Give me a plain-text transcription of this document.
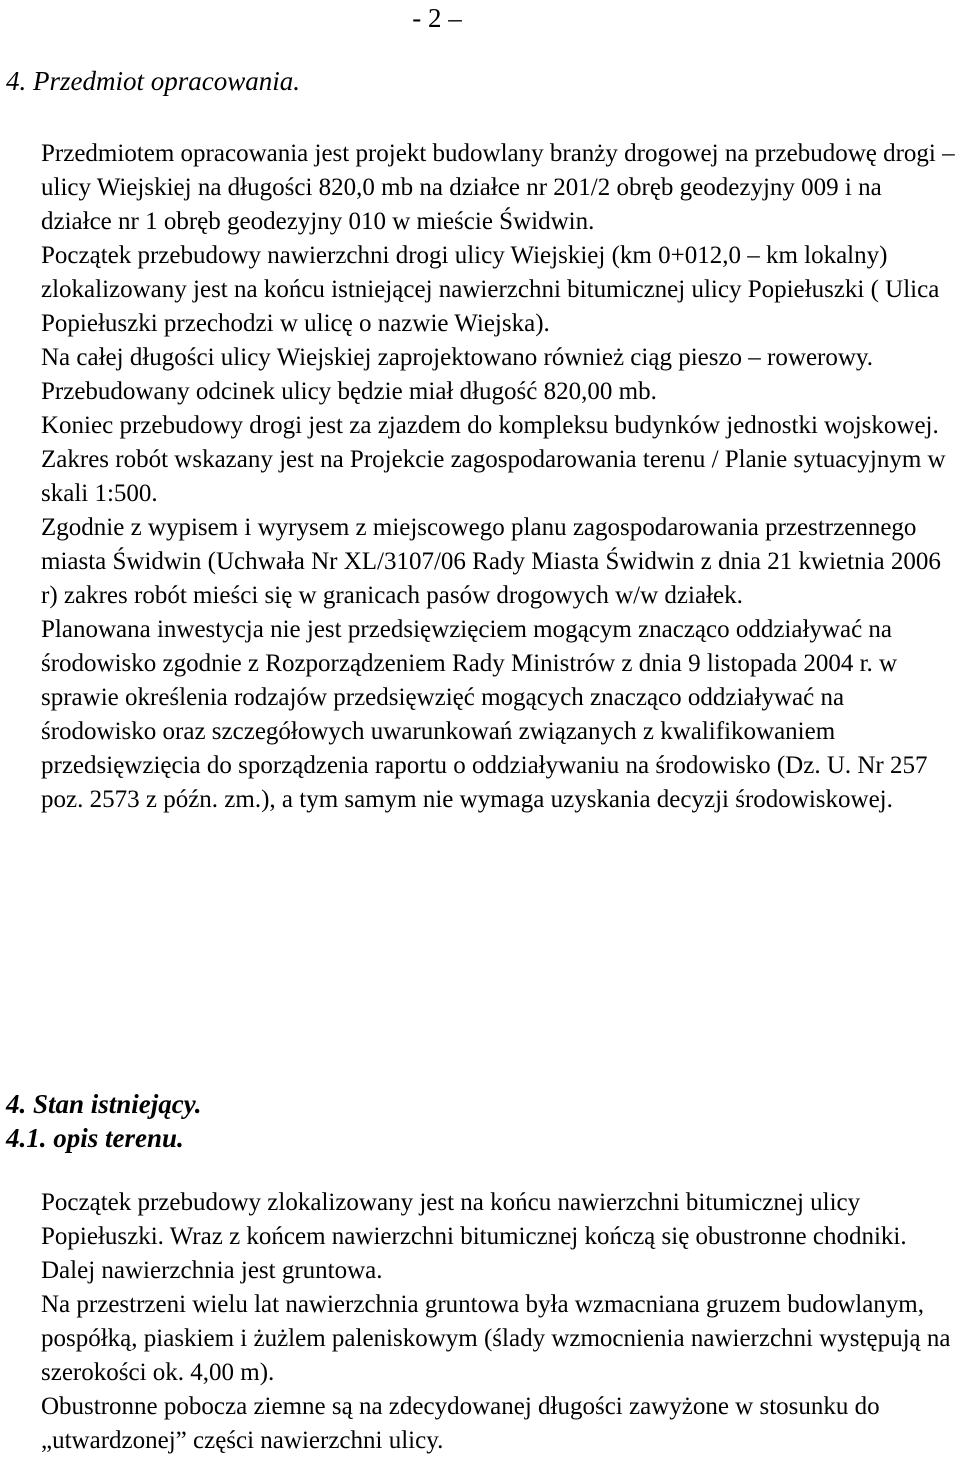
- 2 –
4. Przedmiot opracowania.

Przedmiotem opracowania jest projekt budowlany branży drogowej na przebudowę drogi – ulicy Wiejskiej na długości 820,0 mb na działce nr 201/2 obręb geodezyjny 009 i na działce nr 1 obręb geodezyjny 010 w mieście Świdwin.

Początek przebudowy nawierzchni drogi ulicy Wiejskiej (km 0+012,0 – km lokalny) zlokalizowany jest na końcu istniejącej nawierzchni bitumicznej ulicy Popiełuszki ( Ulica Popiełuszki przechodzi w ulicę o nazwie Wiejska).

Na całej długości ulicy Wiejskiej zaprojektowano również ciąg pieszo – rowerowy.

Przebudowany odcinek ulicy będzie miał długość 820,00 mb.

Koniec przebudowy drogi jest za zjazdem do kompleksu budynków jednostki wojskowej.

Zakres robót wskazany jest na Projekcie zagospodarowania terenu / Planie sytuacyjnym w skali 1:500.

Zgodnie z wypisem i wyrysem z miejscowego planu zagospodarowania przestrzennego miasta Świdwin (Uchwała Nr XL/3107/06 Rady Miasta Świdwin z dnia 21 kwietnia 2006 r) zakres robót mieści się w granicach pasów drogowych w/w działek.

Planowana inwestycja nie jest przedsięwzięciem mogącym znacząco oddziaływać na środowisko zgodnie z Rozporządzeniem Rady Ministrów z dnia 9 listopada 2004 r. w sprawie określenia rodzajów przedsięwzięć mogących znacząco oddziaływać na środowisko oraz szczegółowych uwarunkowań związanych z kwalifikowaniem przedsięwzięcia do sporządzenia raportu o oddziaływaniu na środowisko (Dz. U. Nr 257 poz. 2573 z późn. zm.), a tym samym nie wymaga uzyskania decyzji środowiskowej.

4. Stan istniejący.
4.1. opis terenu.

Początek przebudowy zlokalizowany jest na końcu nawierzchni bitumicznej ulicy Popiełuszki. Wraz z końcem nawierzchni bitumicznej kończą się obustronne chodniki. Dalej nawierzchnia jest gruntowa.

Na przestrzeni wielu lat nawierzchnia gruntowa była wzmacniana gruzem budowlanym, pospółką, piaskiem i żużlem paleniskowym (ślady wzmocnienia nawierzchni występują na szerokości ok. 4,00 m).

Obustronne pobocza ziemne są na zdecydowanej długości zawyżone w stosunku do „utwardzonej” części nawierzchni ulicy.
